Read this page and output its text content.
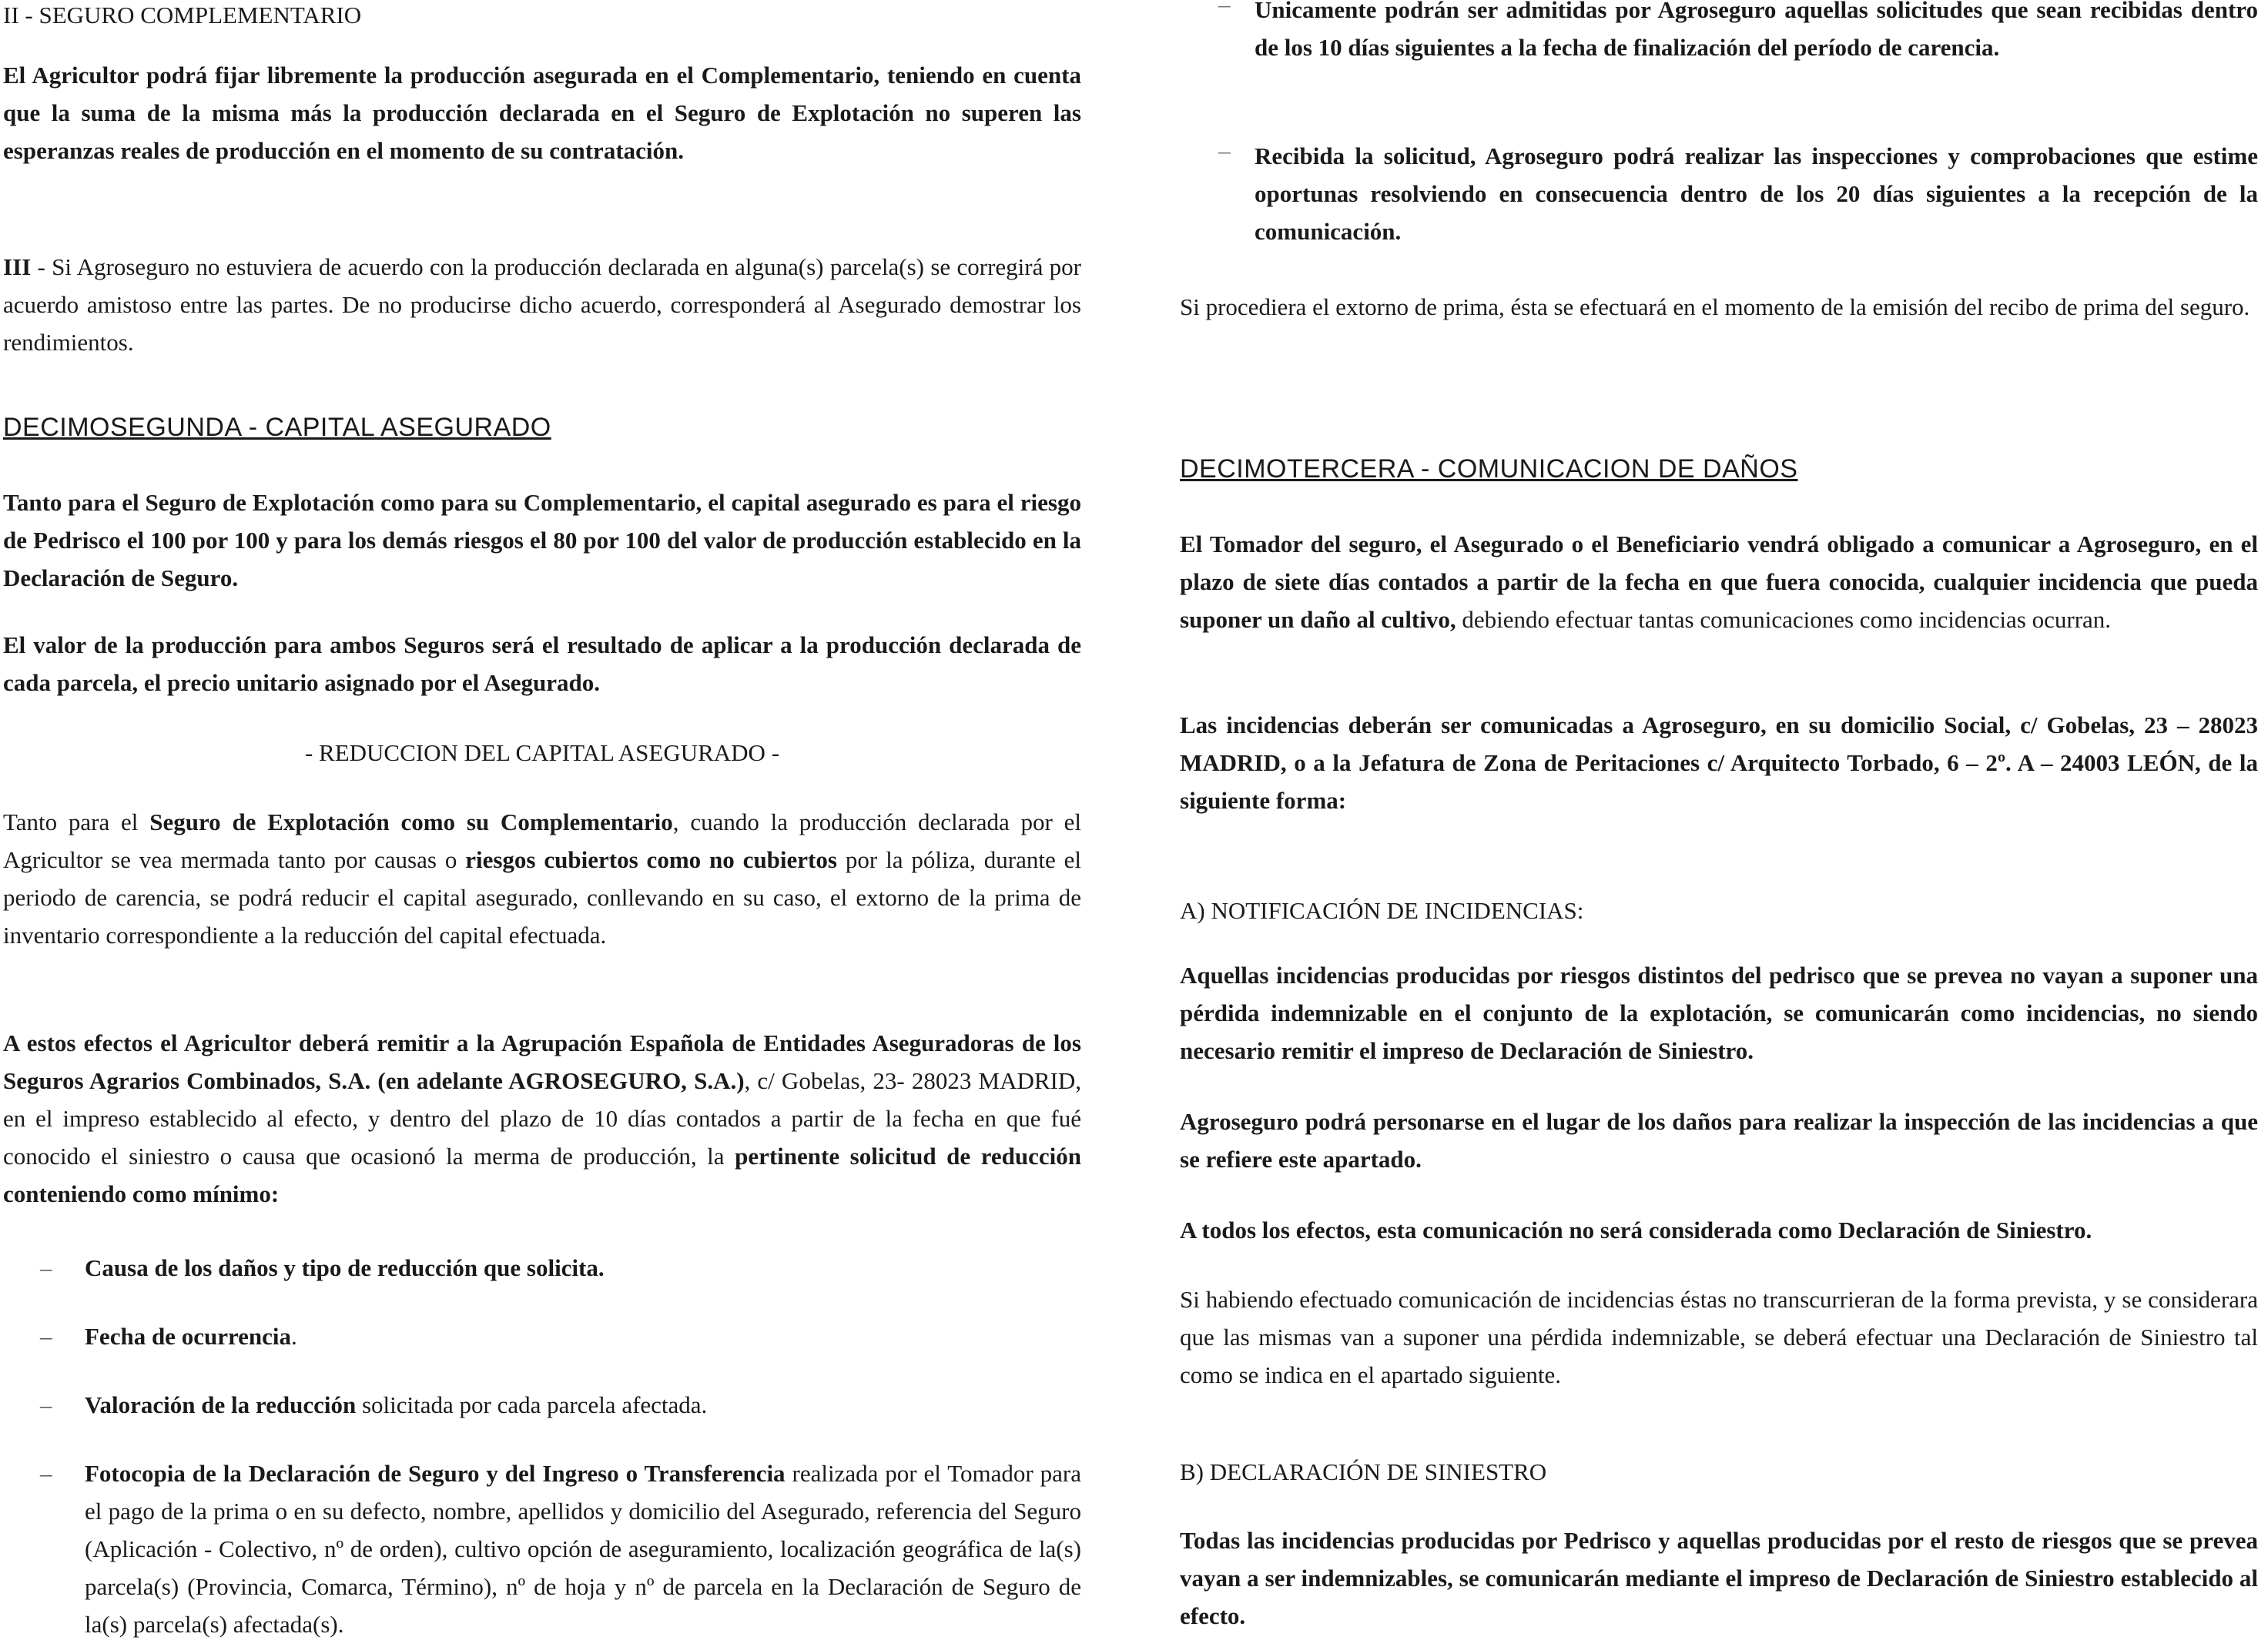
II - SEGURO COMPLEMENTARIO

El Agricultor podrá fijar libremente la producción asegurada en el Complementario, teniendo en cuenta que la suma de la misma más la producción declarada en el Seguro de Explotación no superen las esperanzas reales de producción en el momento de su contratación.

III - Si Agroseguro no estuviera de acuerdo con la producción declarada en alguna(s) parcela(s) se corregirá por acuerdo amistoso entre las partes. De no producirse dicho acuerdo, corresponderá al Asegurado demostrar los rendimientos.

DECIMOSEGUNDA - CAPITAL ASEGURADO

Tanto para el Seguro de Explotación como para su Complementario, el capital asegurado es para el riesgo de Pedrisco el 100 por 100 y para los demás riesgos el 80 por 100 del valor de producción establecido en la Declaración de Seguro.

El valor de la producción para ambos Seguros será el resultado de aplicar a la producción declarada de cada parcela, el precio unitario asignado por el Asegurado.

- REDUCCION DEL CAPITAL ASEGURADO -

Tanto para el Seguro de Explotación como su Complementario, cuando la producción declarada por el Agricultor se vea mermada tanto por causas o riesgos cubiertos como no cubiertos por la póliza, durante el periodo de carencia, se podrá reducir el capital asegurado, conllevando en su caso, el extorno de la prima de inventario correspondiente a la reducción del capital efectuada.

A estos efectos el Agricultor deberá remitir a la Agrupación Española de Entidades Aseguradoras de los Seguros Agrarios Combinados, S.A. (en adelante AGROSEGURO, S.A.), c/ Gobelas, 23- 28023 MADRID, en el impreso establecido al efecto, y dentro del plazo de 10 días contados a partir de la fecha en que fué conocido el siniestro o causa que ocasionó la merma de producción, la pertinente solicitud de reducción conteniendo como mínimo:

– Causa de los daños y tipo de reducción que solicita.
– Fecha de ocurrencia.
– Valoración de la reducción solicitada por cada parcela afectada.
– Fotocopia de la Declaración de Seguro y del Ingreso o Transferencia realizada por el Tomador para el pago de la prima o en su defecto, nombre, apellidos y domicilio del Asegurado, referencia del Seguro (Aplicación - Colectivo, nº de orden), cultivo opción de aseguramiento, localización geográfica de la(s) parcela(s) (Provincia, Comarca, Término), nº de hoja y nº de parcela en la Declaración de Seguro de la(s) parcela(s) afectada(s).
– Unicamente podrán ser admitidas por Agroseguro aquellas solicitudes que sean recibidas dentro de los 10 días siguientes a la fecha de finalización del período de carencia.

– Recibida la solicitud, Agroseguro podrá realizar las inspecciones y comprobaciones que estime oportunas resolviendo en consecuencia dentro de los 20 días siguientes a la recepción de la comunicación.

Si procediera el extorno de prima, ésta se efectuará en el momento de la emisión del recibo de prima del seguro.

DECIMOTERCERA - COMUNICACION DE DAÑOS

El Tomador del seguro, el Asegurado o el Beneficiario vendrá obligado a comunicar a Agroseguro, en el plazo de siete días contados a partir de la fecha en que fuera conocida, cualquier incidencia que pueda suponer un daño al cultivo, debiendo efectuar tantas comunicaciones como incidencias ocurran.

Las incidencias deberán ser comunicadas a Agroseguro, en su domicilio Social, c/ Gobelas, 23 – 28023 MADRID, o a la Jefatura de Zona de Peritaciones c/ Arquitecto Torbado, 6 – 2º. A – 24003 LEÓN, de la siguiente forma:

A) NOTIFICACIÓN DE INCIDENCIAS:

Aquellas incidencias producidas por riesgos distintos del pedrisco que se prevea no vayan a suponer una pérdida indemnizable en el conjunto de la explotación, se comunicarán como incidencias, no siendo necesario remitir el impreso de Declaración de Siniestro.

Agroseguro podrá personarse en el lugar de los daños para realizar la inspección de las incidencias a que se refiere este apartado.

A todos los efectos, esta comunicación no será considerada como Declaración de Siniestro.

Si habiendo efectuado comunicación de incidencias éstas no transcurrieran de la forma prevista, y se considerara que las mismas van a suponer una pérdida indemnizable, se deberá efectuar una Declaración de Siniestro tal como se indica en el apartado siguiente.

B) DECLARACIÓN DE SINIESTRO

Todas las incidencias producidas por Pedrisco y aquellas producidas por el resto de riesgos que se prevea vayan a ser indemnizables, se comunicarán mediante el impreso de Declaración de Siniestro establecido al efecto.
